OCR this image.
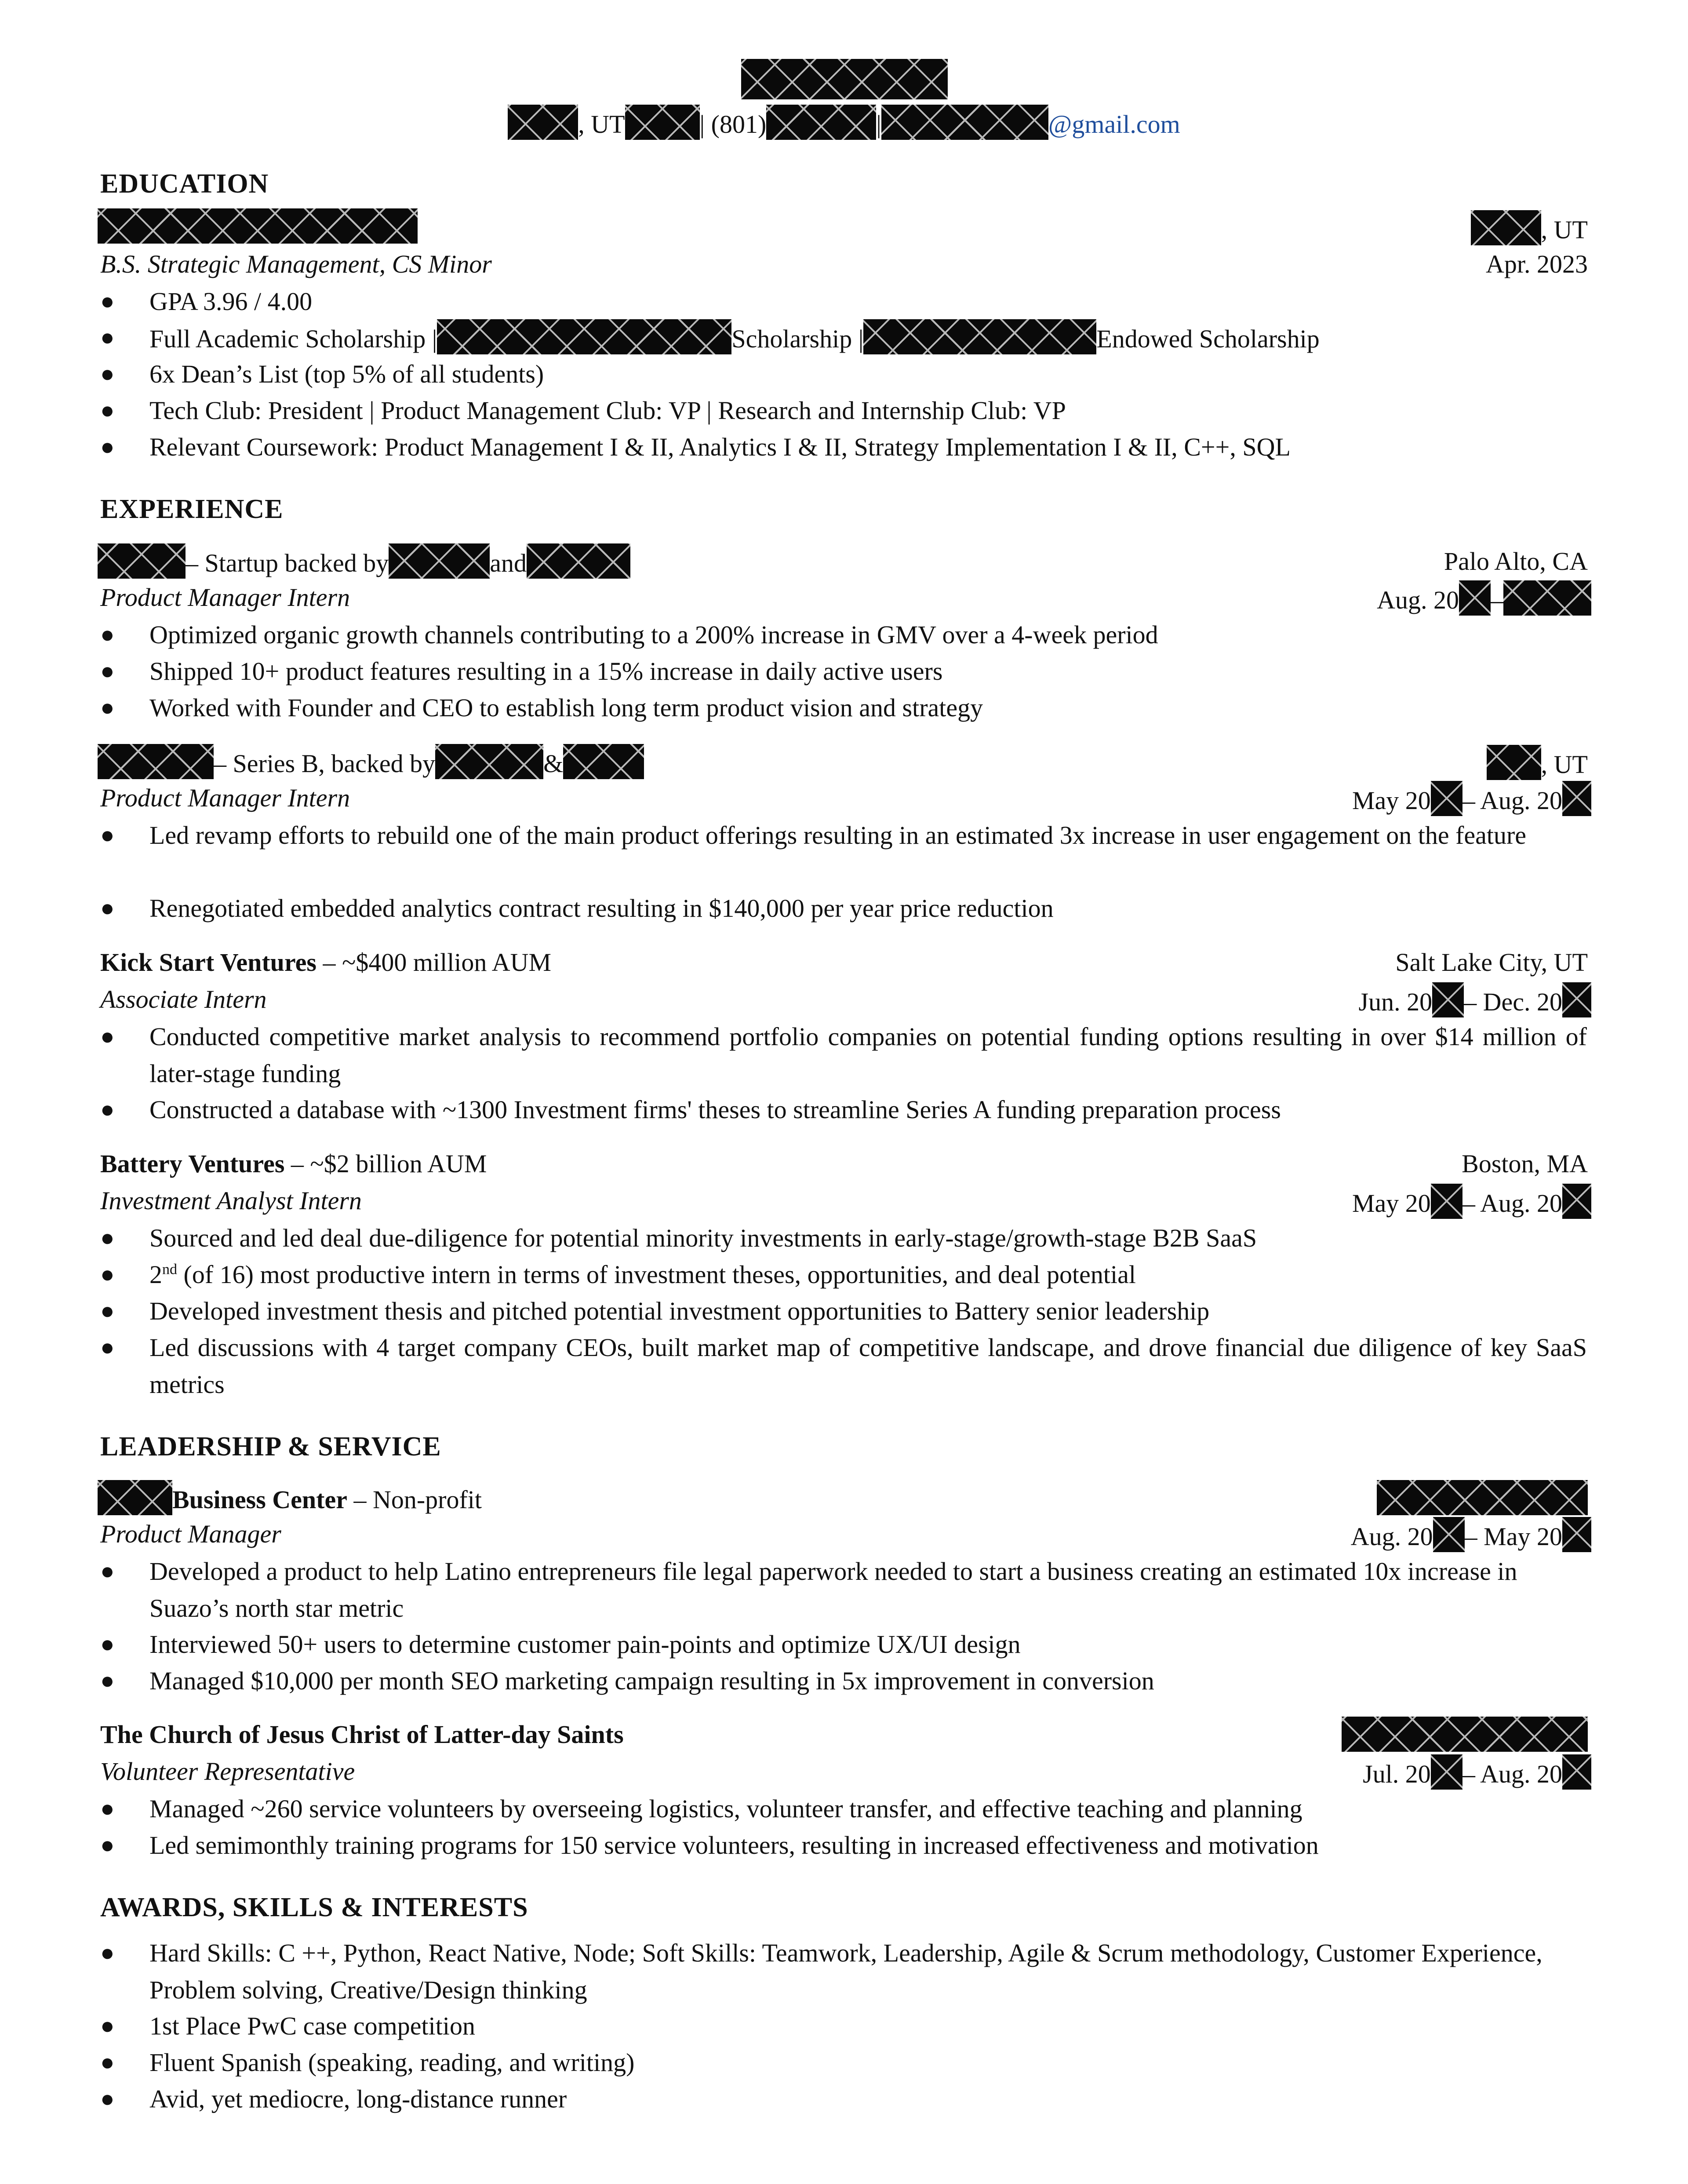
, UT	| (801)	|	@gmail.com
EDUCATION
, UT
B.S. Strategic Management, CS Minor	Apr. 2023
● GPA 3.96 / 4.00
● Full Academic Scholarship |	Scholarship |	Endowed Scholarship
● 6x Dean’s List (top 5% of all students)
● Tech Club: President | Product Management Club: VP | Research and Internship Club: VP
● Relevant Coursework: Product Management I & II, Analytics I & II, Strategy Implementation I & II, C++, SQL
EXPERIENCE
– Startup backed by	and	Palo Alto, CA
Product Manager Intern	Aug. 20 –
● Optimized organic growth channels contributing to a 200% increase in GMV over a 4-week period
● Shipped 10+ product features resulting in a 15% increase in daily active users
● Worked with Founder and CEO to establish long term product vision and strategy
– Series B, backed by	&	, UT
Product Manager Intern	May 20 – Aug. 20
● Led revamp efforts to rebuild one of the main product offerings resulting in an estimated 3x increase in user engagement on the feature
● Renegotiated embedded analytics contract resulting in $140,000 per year price reduction
Kick Start Ventures – ~$400 million AUM	Salt Lake City, UT
Associate Intern	Jun. 20 – Dec. 20
● Conducted competitive market analysis to recommend portfolio companies on potential funding options resulting in over $14 million of later-stage funding
● Constructed a database with ~1300 Investment firms' theses to streamline Series A funding preparation process
Battery Ventures – ~$2 billion AUM	Boston, MA
Investment Analyst Intern	May 20 – Aug. 20
● Sourced and led deal due-diligence for potential minority investments in early-stage/growth-stage B2B SaaS
● 2nd (of 16) most productive intern in terms of investment theses, opportunities, and deal potential
● Developed investment thesis and pitched potential investment opportunities to Battery senior leadership
● Led discussions with 4 target company CEOs, built market map of competitive landscape, and drove financial due diligence of key SaaS metrics
LEADERSHIP & SERVICE
Business Center – Non-profit
Product Manager	Aug. 20 – May 20
● Developed a product to help Latino entrepreneurs file legal paperwork needed to start a business creating an estimated 10x increase in Suazo’s north star metric
● Interviewed 50+ users to determine customer pain-points and optimize UX/UI design
● Managed $10,000 per month SEO marketing campaign resulting in 5x improvement in conversion
The Church of Jesus Christ of Latter-day Saints
Volunteer Representative	Jul. 20 – Aug. 20
● Managed ~260 service volunteers by overseeing logistics, volunteer transfer, and effective teaching and planning
● Led semimonthly training programs for 150 service volunteers, resulting in increased effectiveness and motivation
AWARDS, SKILLS & INTERESTS
● Hard Skills: C ++, Python, React Native, Node; Soft Skills: Teamwork, Leadership, Agile & Scrum methodology, Customer Experience, Problem solving, Creative/Design thinking
● 1st Place PwC case competition
● Fluent Spanish (speaking, reading, and writing)
● Avid, yet mediocre, long-distance runner
